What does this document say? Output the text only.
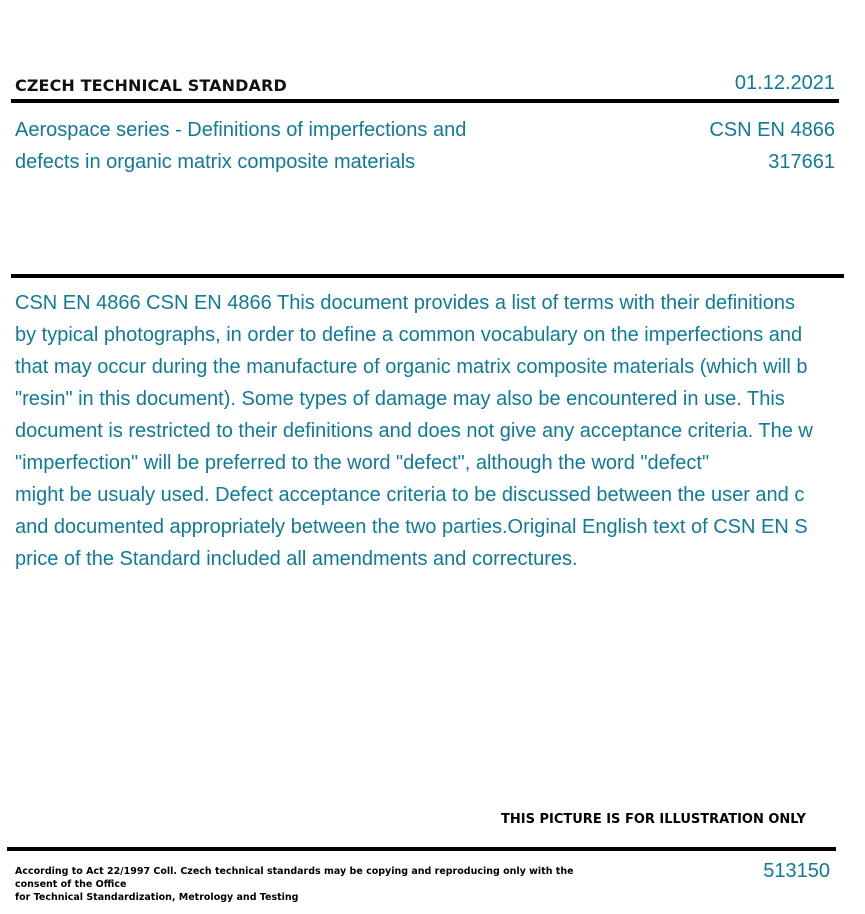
CZECH TECHNICAL STANDARD	01.12.2021
Aerospace series - Definitions of imperfections and
defects in organic matrix composite materials
CSN EN 4866
317661
CSN EN 4866 CSN EN 4866 This document provides a list of terms with their definitions
by typical photographs, in order to define a common vocabulary on the imperfections and
that may occur during the manufacture of organic matrix composite materials (which will b
"resin" in this document). Some types of damage may also be encountered in use. This
document is restricted to their definitions and does not give any acceptance criteria. The w
"imperfection" will be preferred to the word "defect", although the word "defect"
might be usualy used. Defect acceptance criteria to be discussed between the user and c
and documented appropriately between the two parties.Original English text of CSN EN S
price of the Standard included all amendments and correctures.
THIS PICTURE IS FOR ILLUSTRATION ONLY
According to Act 22/1997 Coll. Czech technical standards may be copying and reproducing only with the consent of the Office
for Technical Standardization, Metrology and Testing
513150
